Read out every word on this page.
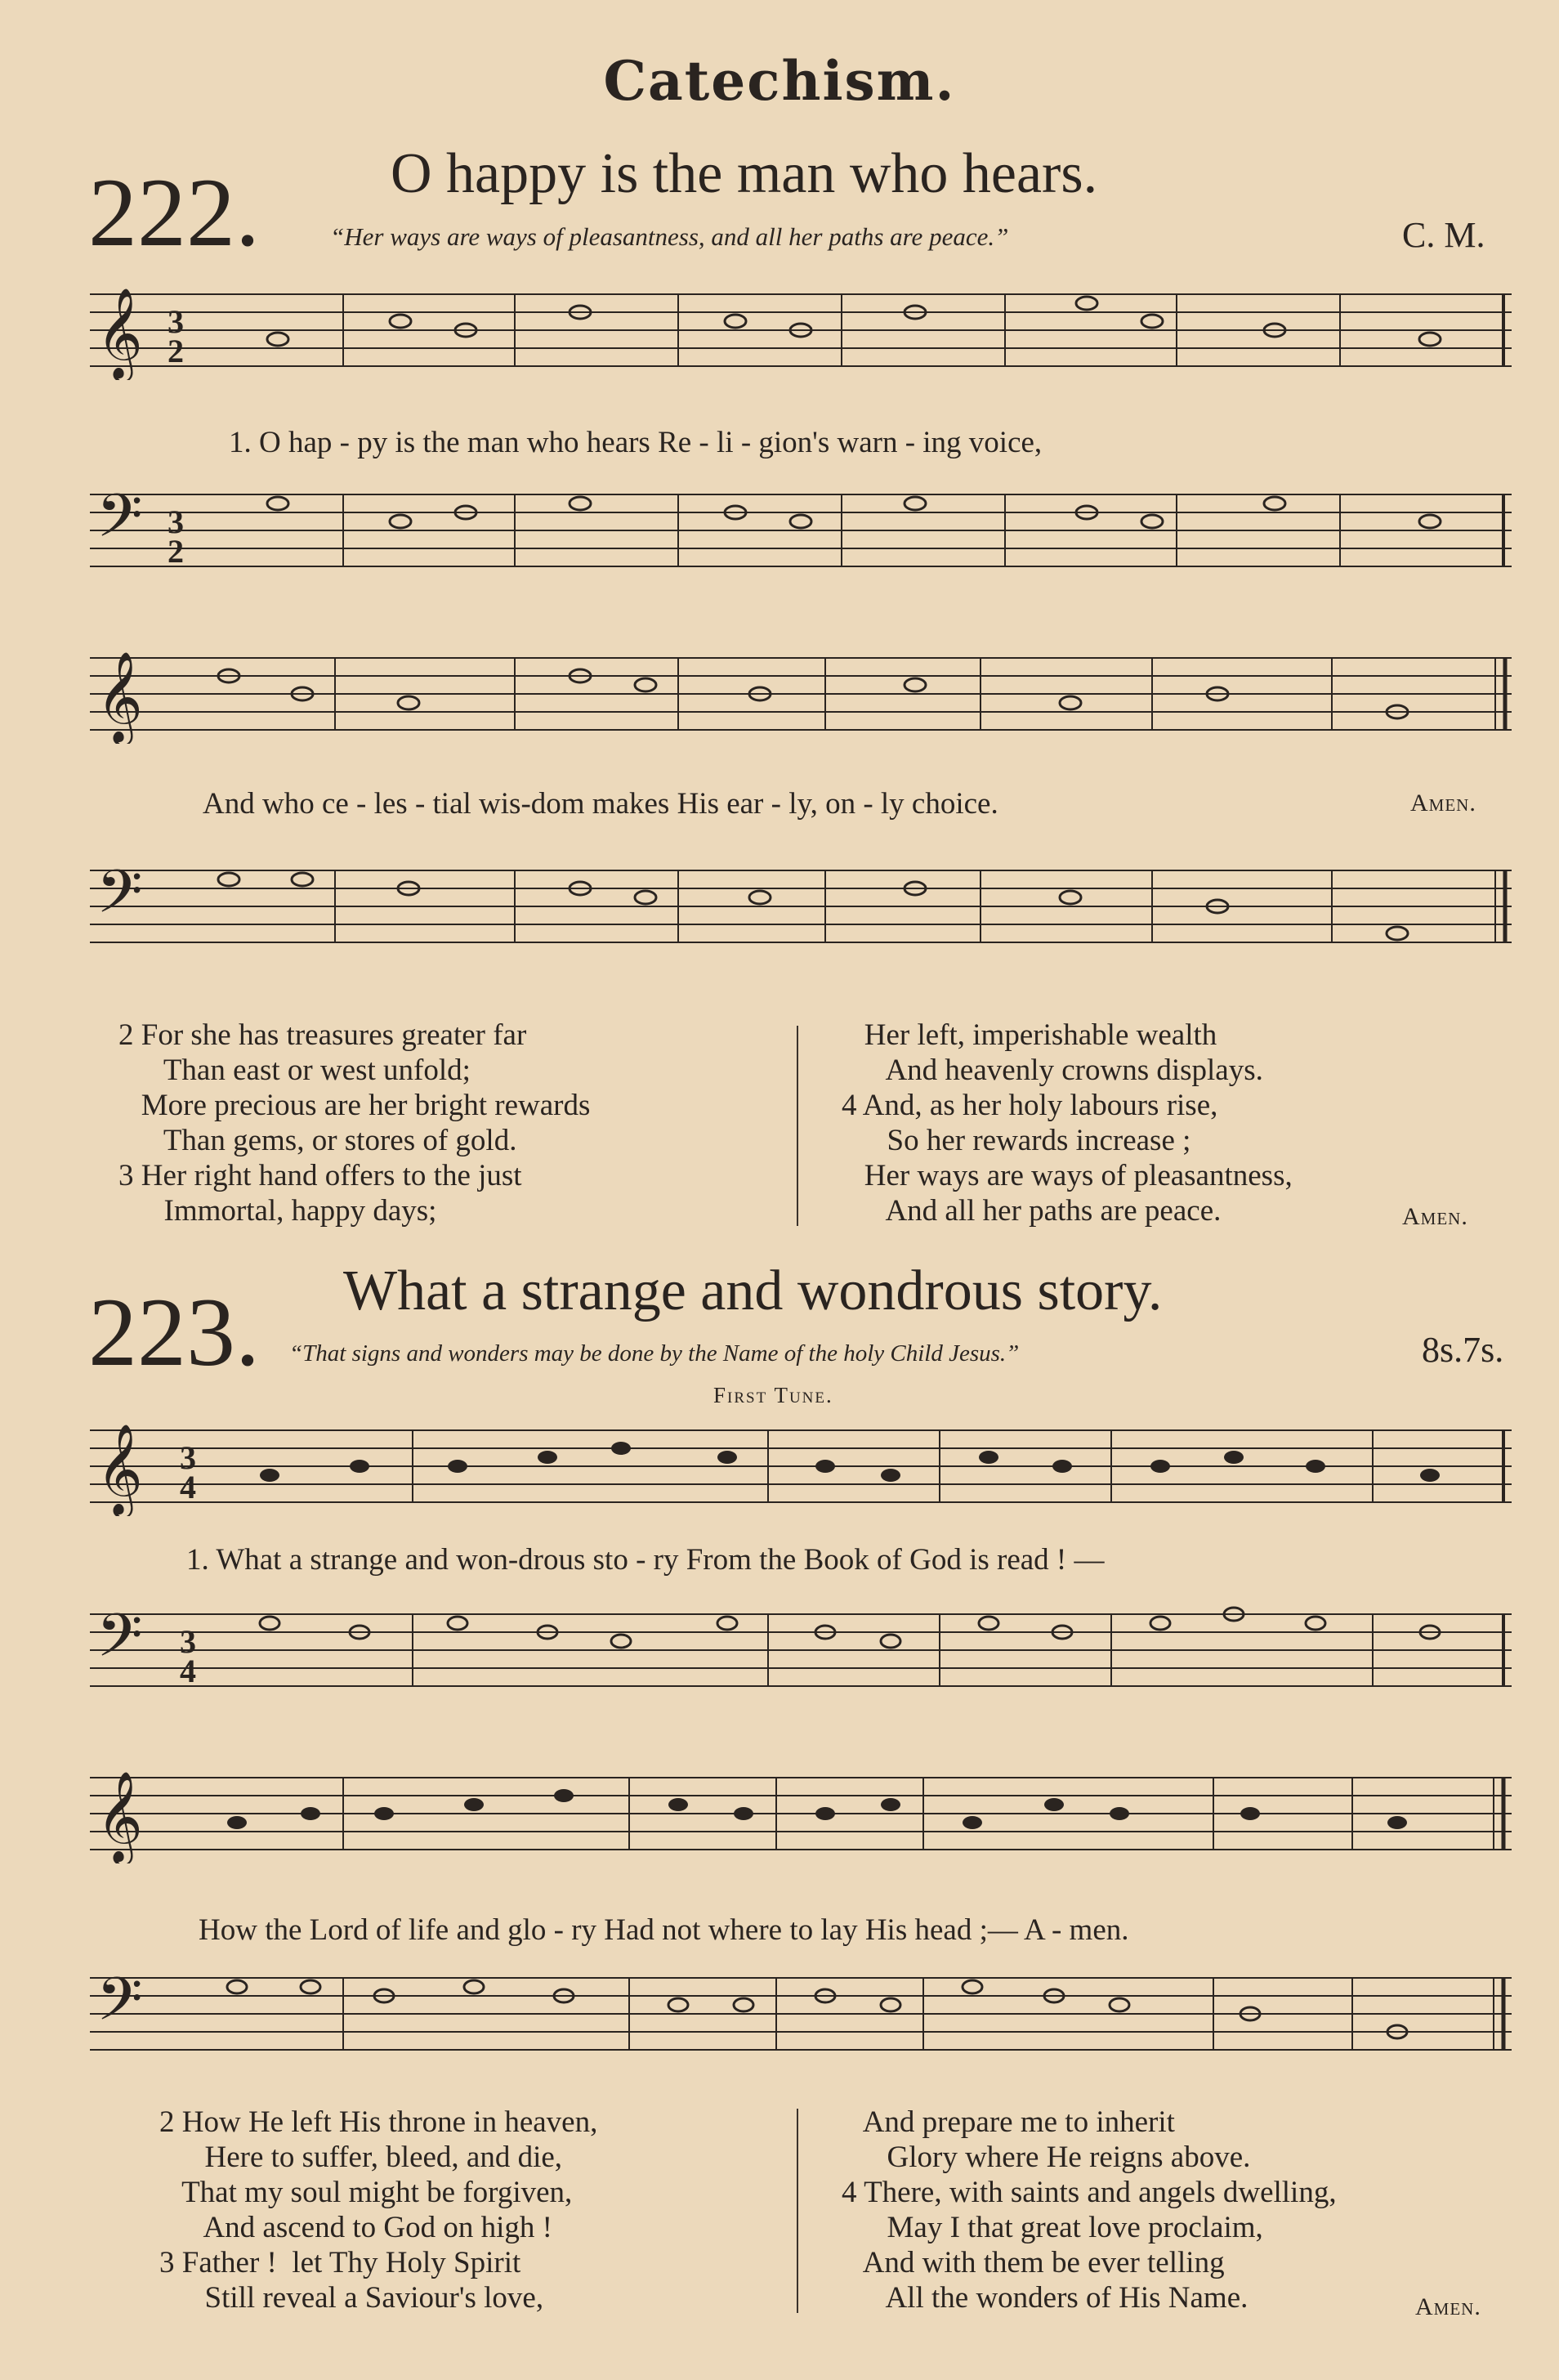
Catechism.
222. O happy is the man who hears.
“Her ways are ways of pleasantness, and all her paths are peace.”	C. M.
𝄞 3
2
1. O hap - py is the man who hears Re - li - gion's warn - ing voice,
𝄢 3
2
𝄞
And who ce - les - tial wis-dom makes His ear - ly, on - ly choice.	Amen.
𝄢
2 For she has treasures greater far
Than east or west unfold;
More precious are her bright rewards
Than gems, or stores of gold.
3 Her right hand offers to the just
Immortal, happy days;
Her left, imperishable wealth
And heavenly crowns displays.
4 And, as her holy labours rise,
So her rewards increase ;
Her ways are ways of pleasantness,
And all her paths are peace.	Amen.
223. What a strange and wondrous story.
“That signs and wonders may be done by the Name of the holy Child Jesus.”	8s.7s.
First Tune.
𝄞 3
4
1. What a strange and won-drous sto - ry From the Book of God is read ! —
𝄢 3
4
𝄞
How the Lord of life and glo - ry Had not where to lay His head ;— A - men.
𝄢
2 How He left His throne in heaven,
Here to suffer, bleed, and die,
That my soul might be forgiven,
And ascend to God on high !
3 Father !  let Thy Holy Spirit
Still reveal a Saviour's love,
And prepare me to inherit
Glory where He reigns above.
4 There, with saints and angels dwelling,
May I that great love proclaim,
And with them be ever telling
All the wonders of His Name.	Amen.
